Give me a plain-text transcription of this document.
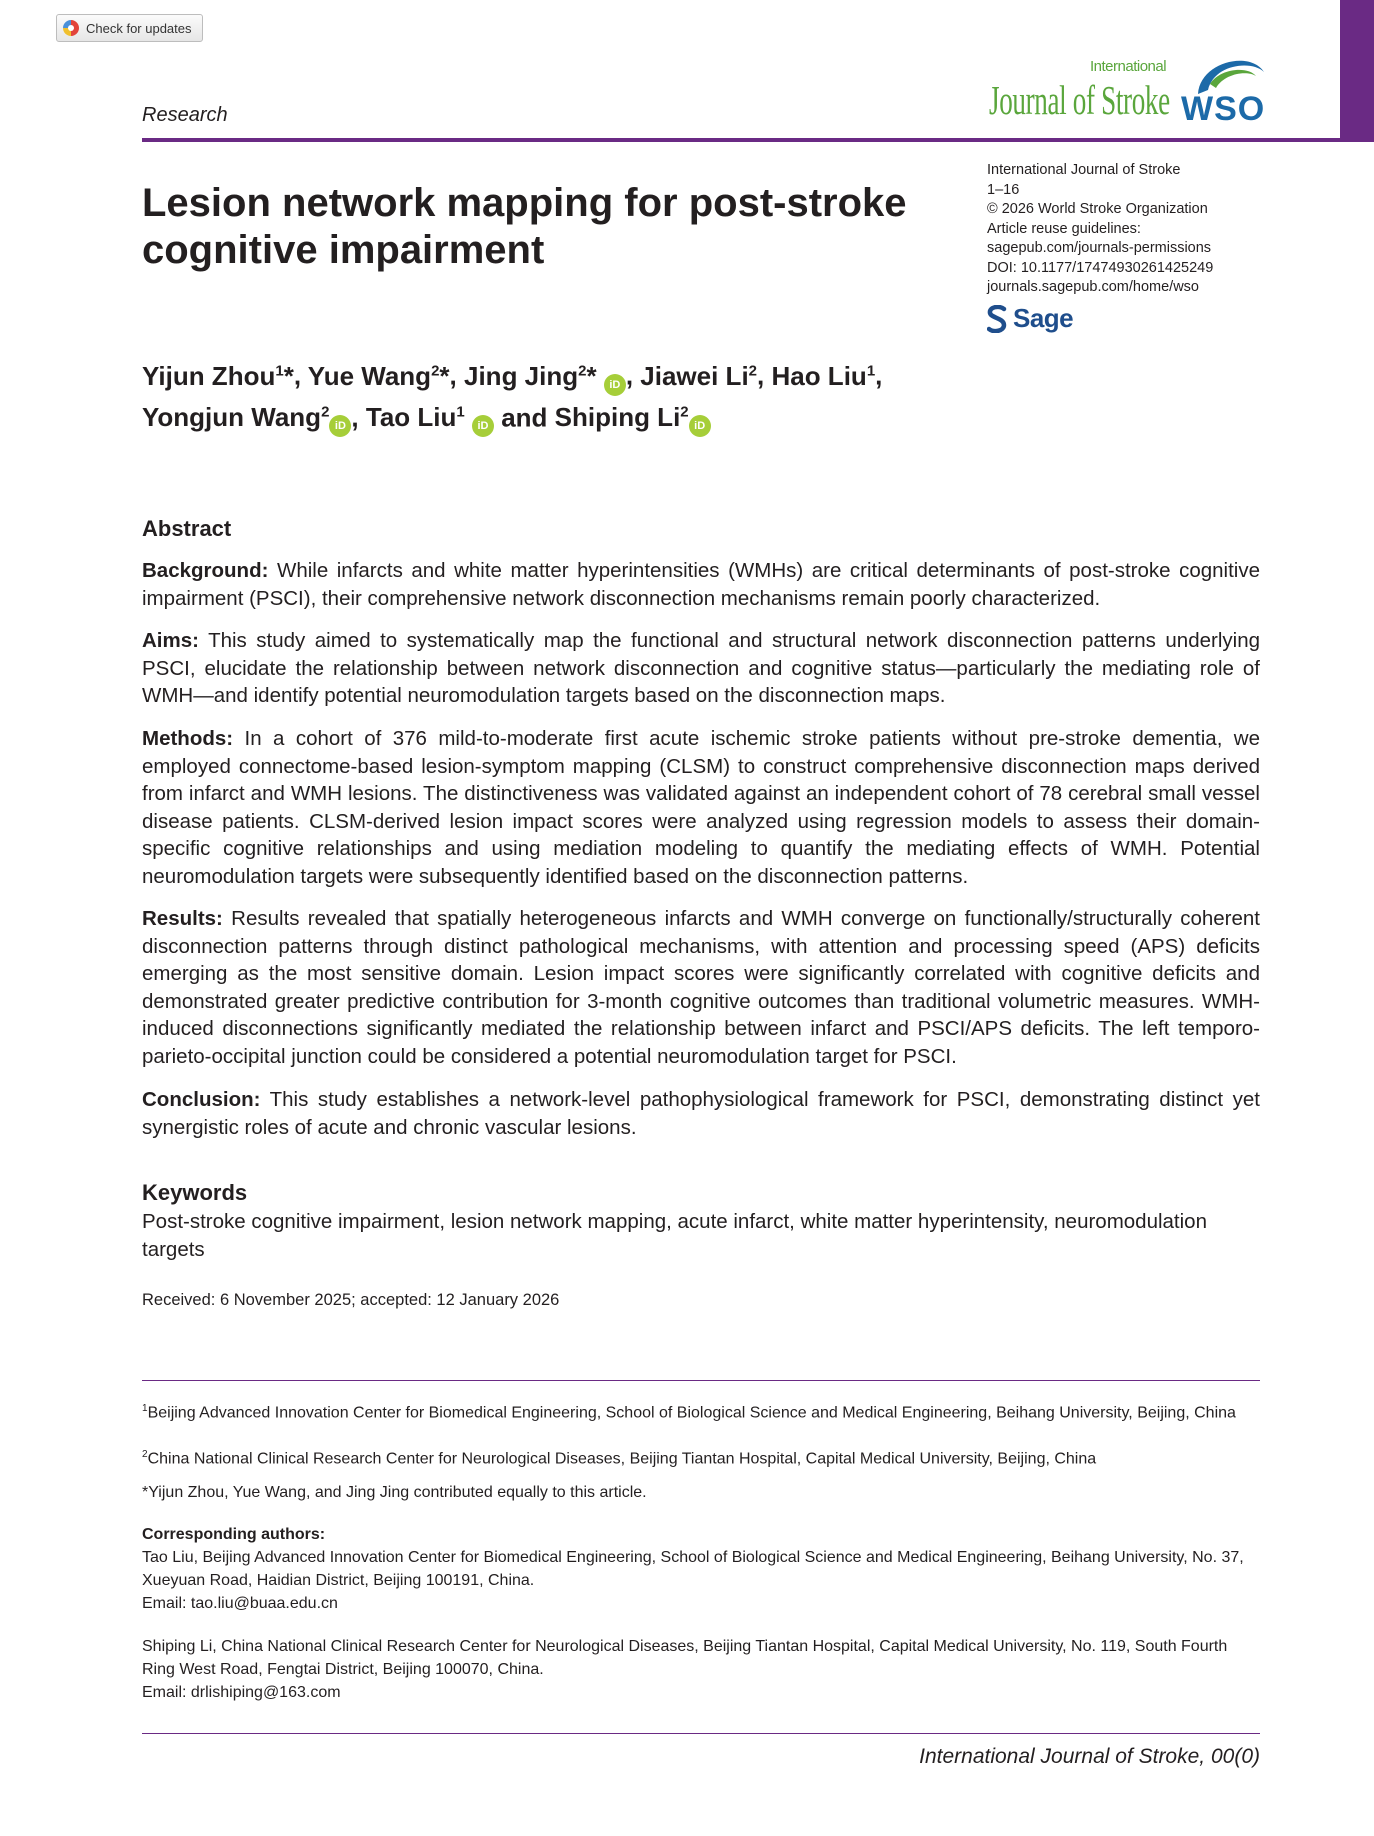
Check for updates
Research
International
Journal of Stroke WSO
International Journal of Stroke
1–16
© 2026 World Stroke Organization
Article reuse guidelines:
sagepub.com/journals-permissions
DOI: 10.1177/17474930261425249
journals.sagepub.com/home/wso
Sage
Lesion network mapping for post-stroke cognitive impairment
Yijun Zhou$^1$*, Yue Wang$^2$*, Jing Jing$^2$* iD , Jiawei Li$^2$, Hao Liu$^1$,
Yongjun Wang$^2$iD , Tao Liu$^1$ iD and Shiping Li$^2$iD
Abstract

Background: While infarcts and white matter hyperintensities (WMHs) are critical determinants of post-stroke cognitive impairment (PSCI), their comprehensive network disconnection mechanisms remain poorly characterized.

Aims: This study aimed to systematically map the functional and structural network disconnection patterns underlying PSCI, elucidate the relationship between network disconnection and cognitive status—particularly the mediating role of WMH—and identify potential neuromodulation targets based on the disconnection maps.

Methods: In a cohort of 376 mild-to-moderate first acute ischemic stroke patients without pre-stroke dementia, we employed connectome-based lesion-symptom mapping (CLSM) to construct comprehensive disconnection maps derived from infarct and WMH lesions. The distinctiveness was validated against an independent cohort of 78 cerebral small vessel disease patients. CLSM-derived lesion impact scores were analyzed using regression models to assess their domain-specific cognitive relationships and using mediation modeling to quantify the mediating effects of WMH. Potential neuromodulation targets were subsequently identified based on the disconnection patterns.

Results: Results revealed that spatially heterogeneous infarcts and WMH converge on functionally/structurally coherent disconnection patterns through distinct pathological mechanisms, with attention and processing speed (APS) deficits emerging as the most sensitive domain. Lesion impact scores were significantly correlated with cognitive deficits and demonstrated greater predictive contribution for 3-month cognitive outcomes than traditional volumetric measures. WMH-induced disconnections significantly mediated the relationship between infarct and PSCI/APS deficits. The left temporo-parieto-occipital junction could be considered a potential neuromodulation target for PSCI.

Conclusion: This study establishes a network-level pathophysiological framework for PSCI, demonstrating distinct yet synergistic roles of acute and chronic vascular lesions.

Keywords
Post-stroke cognitive impairment, lesion network mapping, acute infarct, white matter hyperintensity, neuromodulation targets
Received: 6 November 2025; accepted: 12 January 2026
$^1$Beijing Advanced Innovation Center for Biomedical Engineering, School of Biological Science and Medical Engineering, Beihang University, Beijing, China
$^2$China National Clinical Research Center for Neurological Diseases, Beijing Tiantan Hospital, Capital Medical University, Beijing, China
*Yijun Zhou, Yue Wang, and Jing Jing contributed equally to this article.
Corresponding authors:
Tao Liu, Beijing Advanced Innovation Center for Biomedical Engineering, School of Biological Science and Medical Engineering, Beihang University, No. 37, Xueyuan Road, Haidian District, Beijing 100191, China.
Email: tao.liu@buaa.edu.cn
Shiping Li, China National Clinical Research Center for Neurological Diseases, Beijing Tiantan Hospital, Capital Medical University, No. 119, South Fourth Ring West Road, Fengtai District, Beijing 100070, China.
Email: drlishiping@163.com
International Journal of Stroke, 00(0)
